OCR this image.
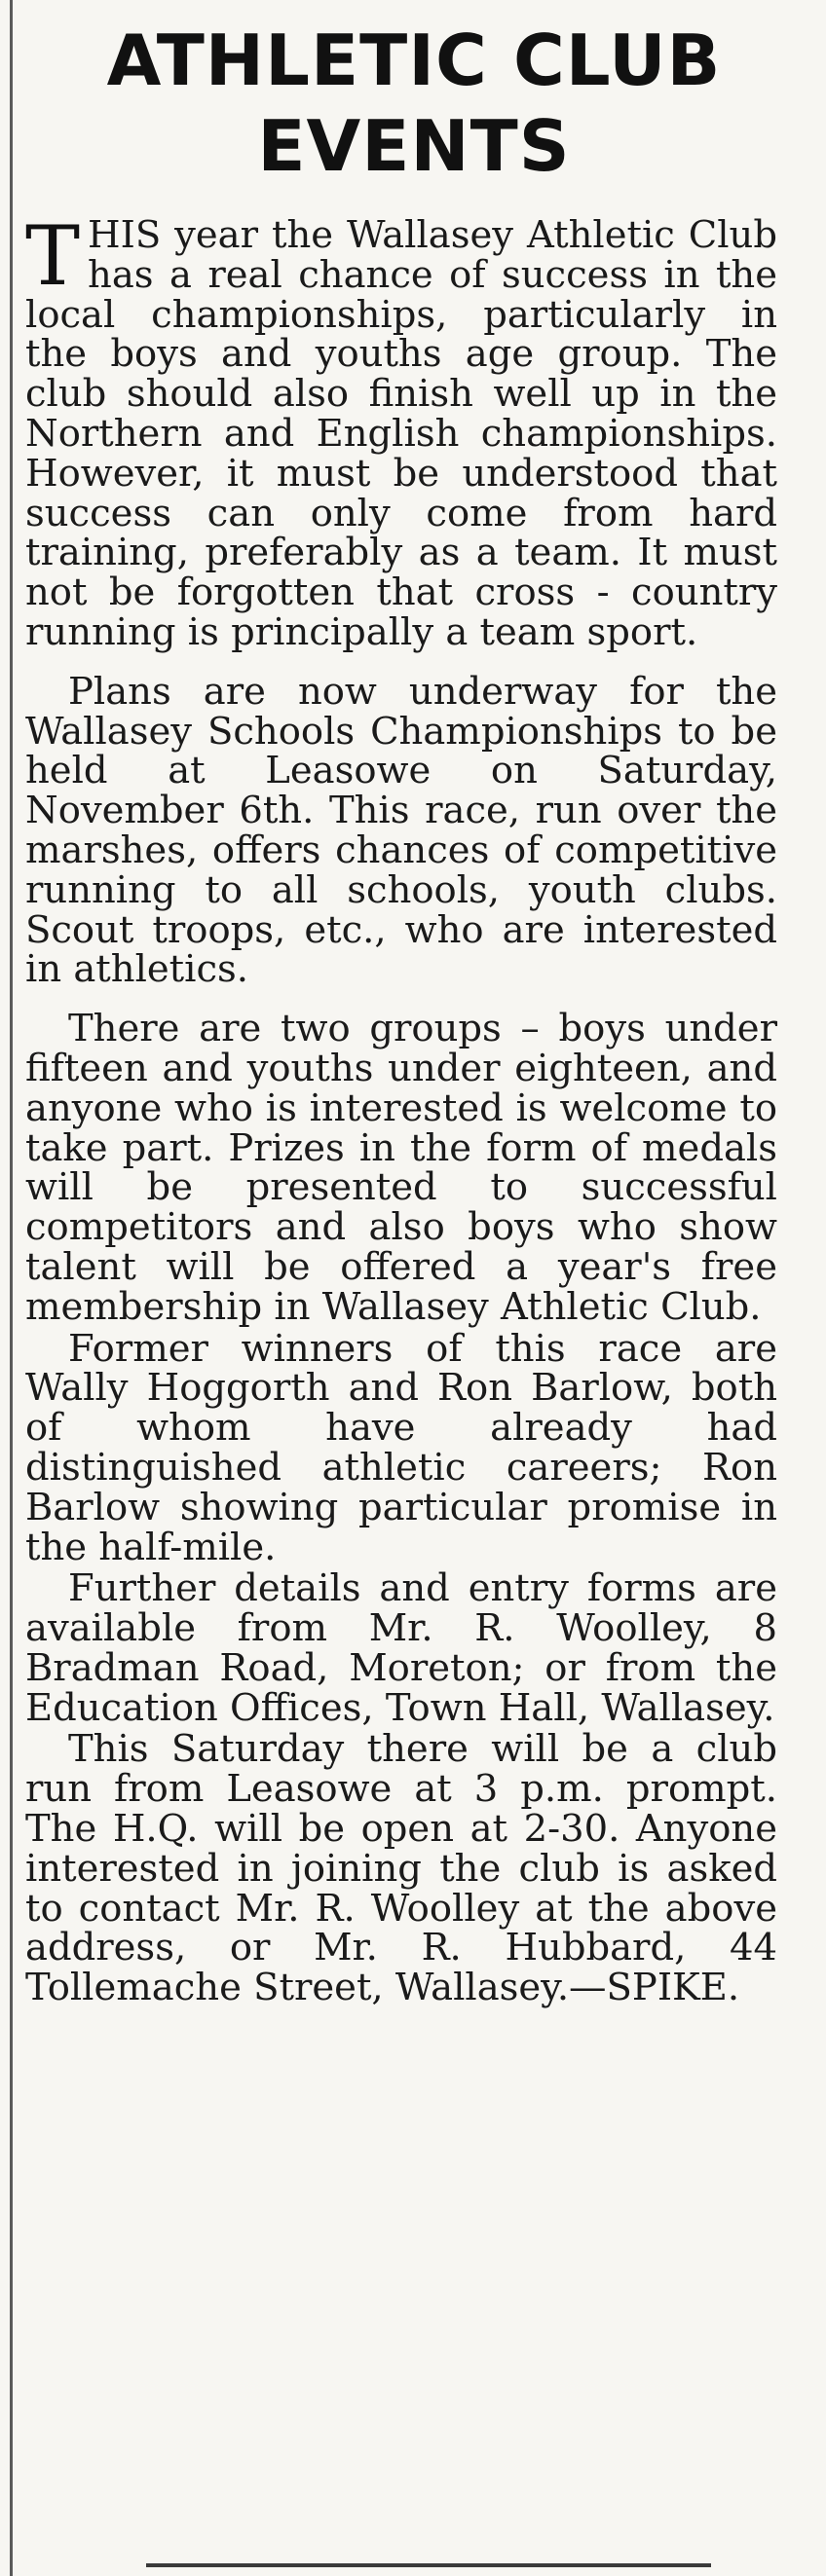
ATHLETIC CLUB
EVENTS

THIS year the Wallasey Athletic Club has a real chance of success in the local championships, particularly in the boys and youths age group. The club should also finish well up in the Northern and English championships. However, it must be understood that success can only come from hard training, preferably as a team. It must not be forgotten that cross - country running is principally a team sport.

Plans are now underway for the Wallasey Schools Championships to be held at Leasowe on Saturday, November 6th. This race, run over the marshes, offers chances of competitive running to all schools, youth clubs. Scout troops, etc., who are interested in athletics.

There are two groups – boys under fifteen and youths under eighteen, and anyone who is interested is welcome to take part. Prizes in the form of medals will be presented to successful competitors and also boys who show talent will be offered a year's free membership in Wallasey Athletic Club.

Former winners of this race are Wally Hoggorth and Ron Barlow, both of whom have already had distinguished athletic careers; Ron Barlow showing particular promise in the half-mile.

Further details and entry forms are available from Mr. R. Woolley, 8 Bradman Road, Moreton; or from the Education Offices, Town Hall, Wallasey.

This Saturday there will be a club run from Leasowe at 3 p.m. prompt. The H.Q. will be open at 2-30. Anyone interested in joining the club is asked to contact Mr. R. Woolley at the above address, or Mr. R. Hubbard, 44 Tollemache Street, Wallasey.—SPIKE.
